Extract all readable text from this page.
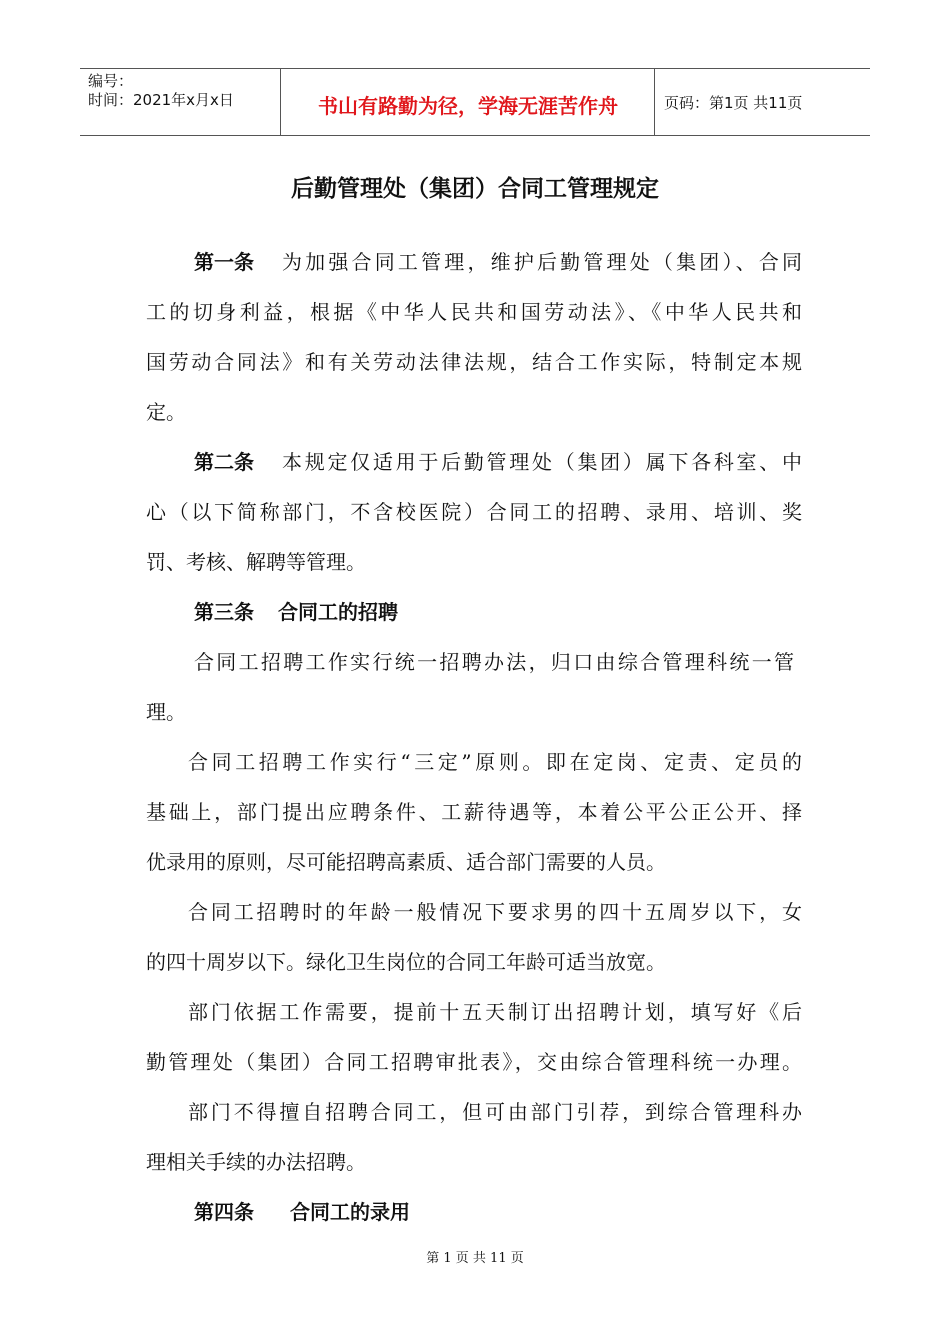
编号：
时间：2021年x月x日	书山有路勤为径，学海无涯苦作舟	页码：第1页 共11页
后勤管理处（集团）合同工管理规定
第一条 为加强合同工管理，维护后勤管理处（集团）、合同
工的切身利益，根据《中华人民共和国劳动法》、《中华人民共和
国劳动合同法》和有关劳动法律法规，结合工作实际，特制定本规
定。
第二条 本规定仅适用于后勤管理处（集团）属下各科室、中
心（以下简称部门，不含校医院）合同工的招聘、录用、培训、奖
罚、考核、解聘等管理。
第三条 合同工的招聘
合同工招聘工作实行统一招聘办法，归口由综合管理科统一管
理。
合同工招聘工作实行“三定”原则。即在定岗、定责、定员的
基础上，部门提出应聘条件、工薪待遇等，本着公平公正公开、择
优录用的原则，尽可能招聘高素质、适合部门需要的人员。
合同工招聘时的年龄一般情况下要求男的四十五周岁以下，女
的四十周岁以下。绿化卫生岗位的合同工年龄可适当放宽。
部门依据工作需要，提前十五天制订出招聘计划，填写好《后
勤管理处（集团）合同工招聘审批表》，交由综合管理科统一办理。
部门不得擅自招聘合同工，但可由部门引荐，到综合管理科办
理相关手续的办法招聘。
第四条 合同工的录用
第 1 页 共 11 页
